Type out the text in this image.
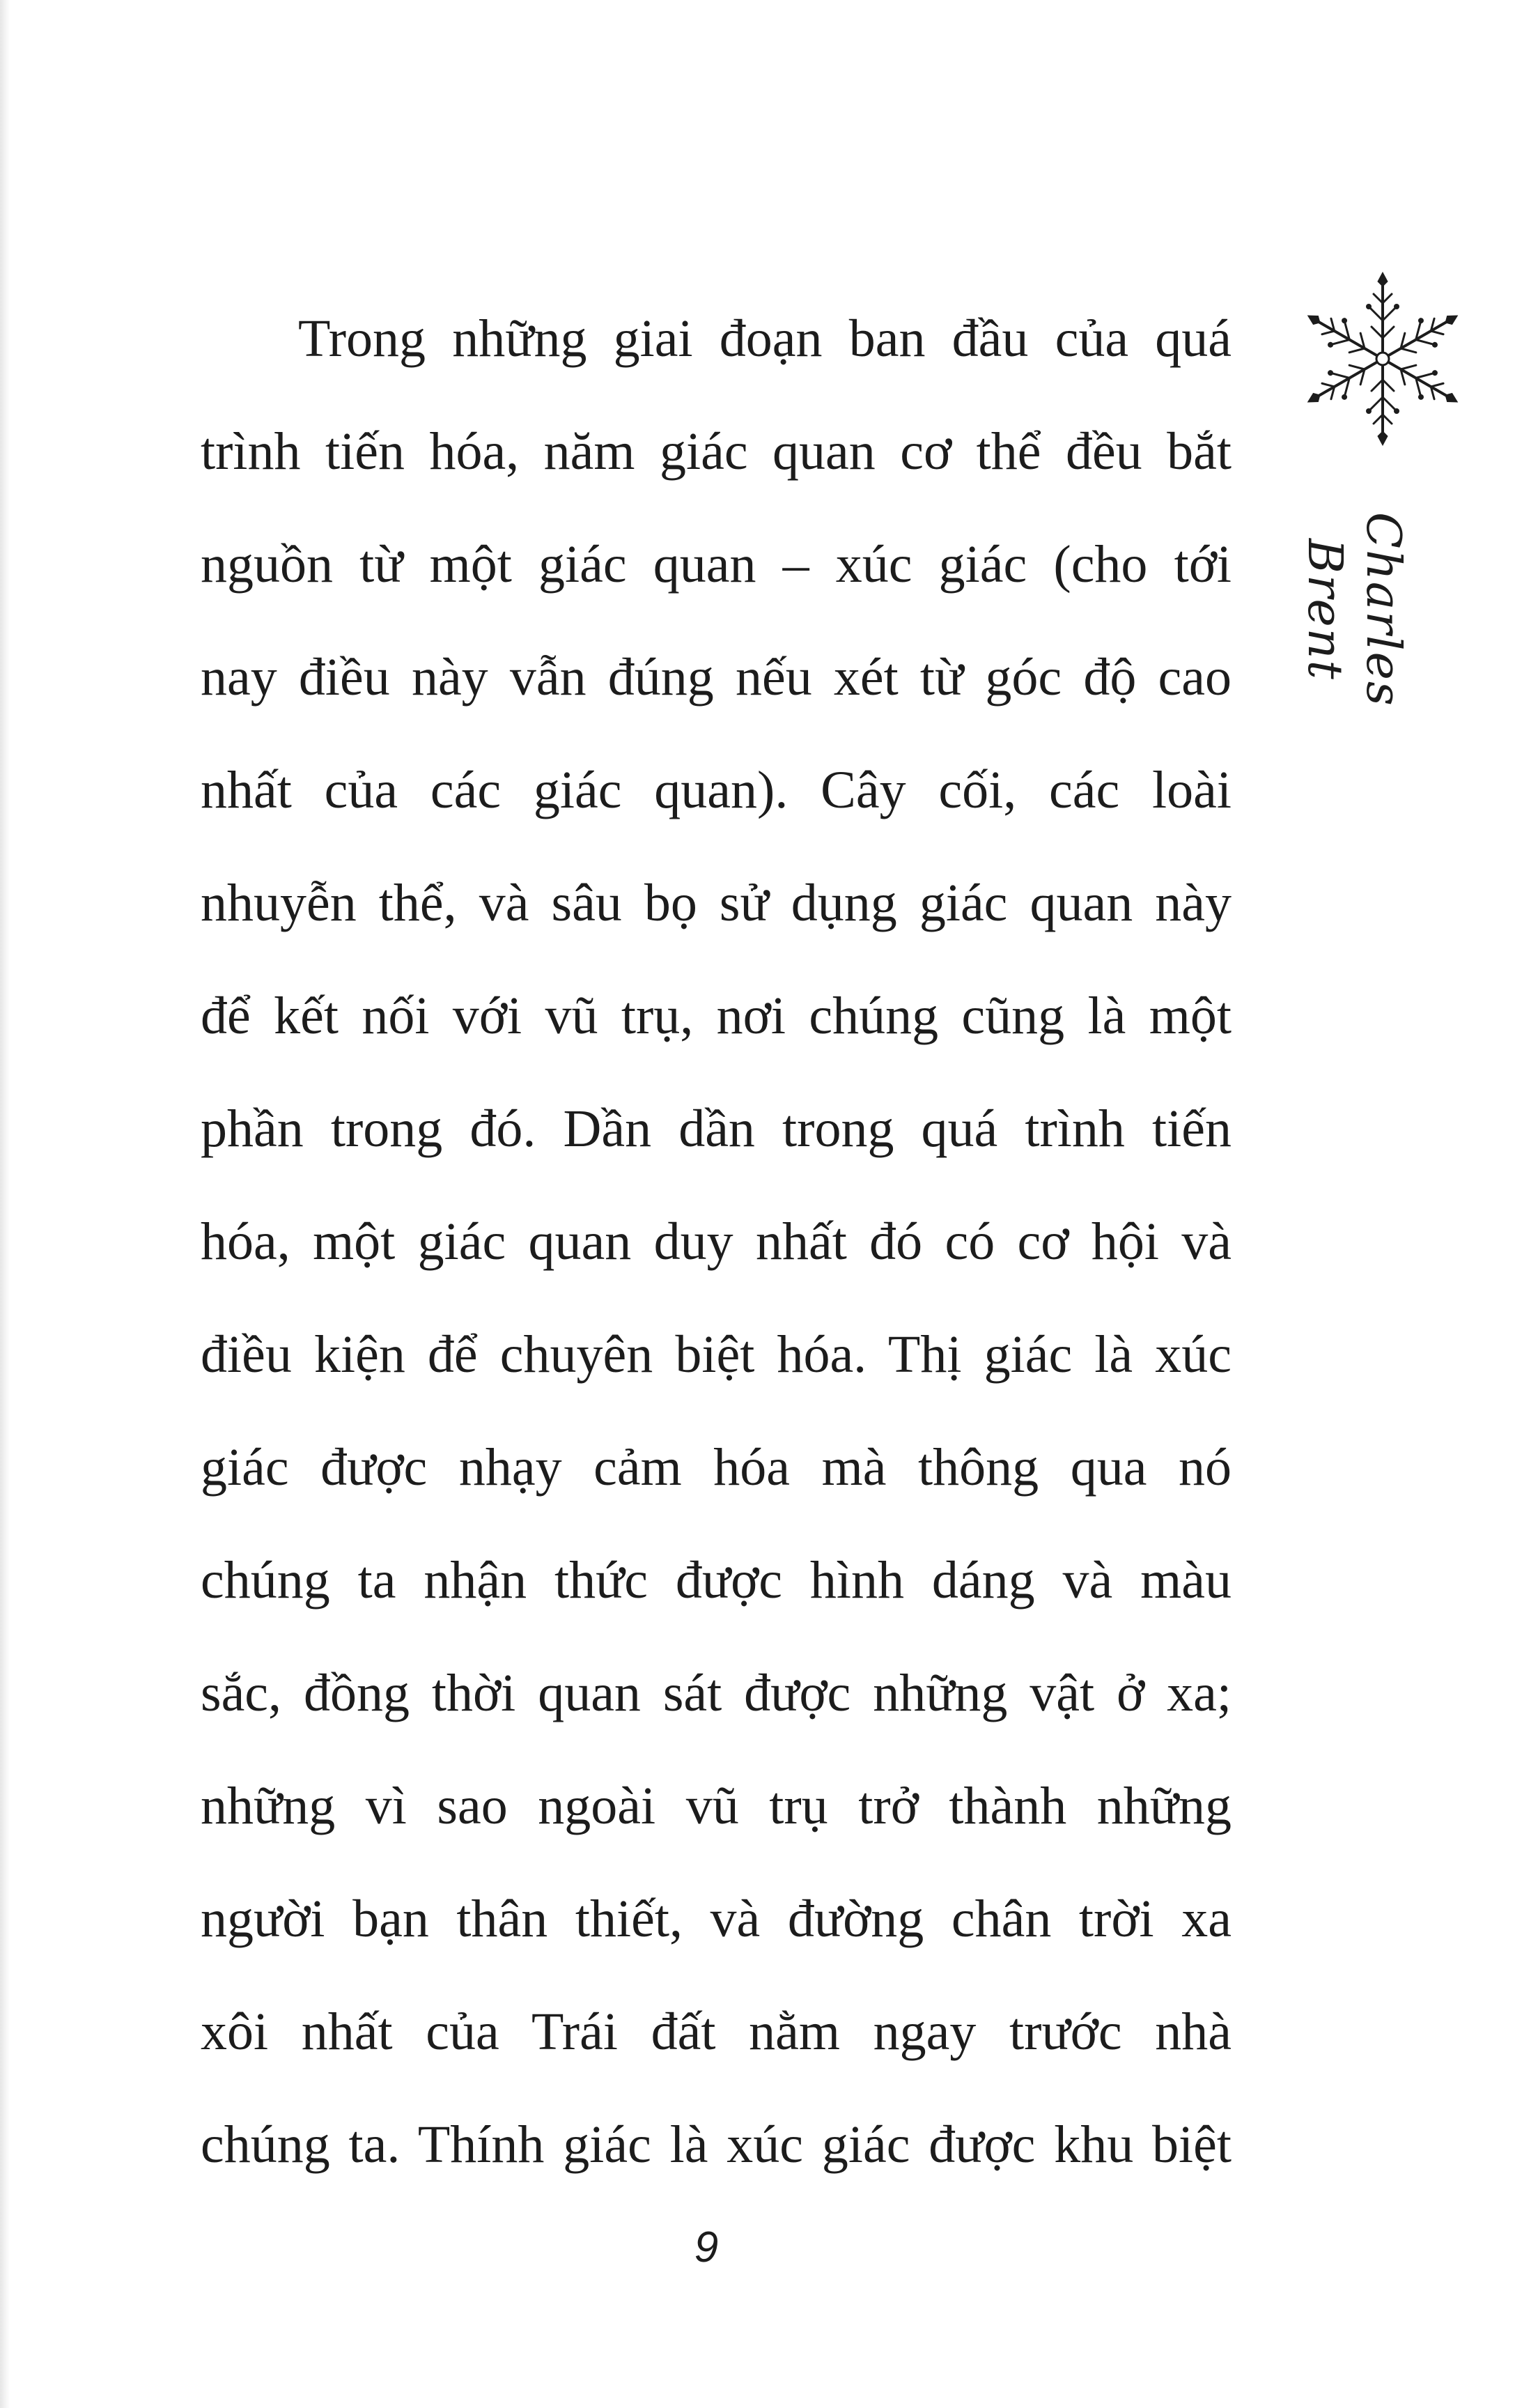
Trong những giai đoạn ban đầu của quá
trình tiến hóa, năm giác quan cơ thể đều bắt
nguồn từ một giác quan – xúc giác (cho tới
nay điều này vẫn đúng nếu xét từ góc độ cao
nhất của các giác quan). Cây cối, các loài
nhuyễn thể, và sâu bọ sử dụng giác quan này
để kết nối với vũ trụ, nơi chúng cũng là một
phần trong đó. Dần dần trong quá trình tiến
hóa, một giác quan duy nhất đó có cơ hội và
điều kiện để chuyên biệt hóa. Thị giác là xúc
giác được nhạy cảm hóa mà thông qua nó
chúng ta nhận thức được hình dáng và màu
sắc, đồng thời quan sát được những vật ở xa;
những vì sao ngoài vũ trụ trở thành những
người bạn thân thiết, và đường chân trời xa
xôi nhất của Trái đất nằm ngay trước nhà
chúng ta. Thính giác là xúc giác được khu biệt
Charles Brent
9
